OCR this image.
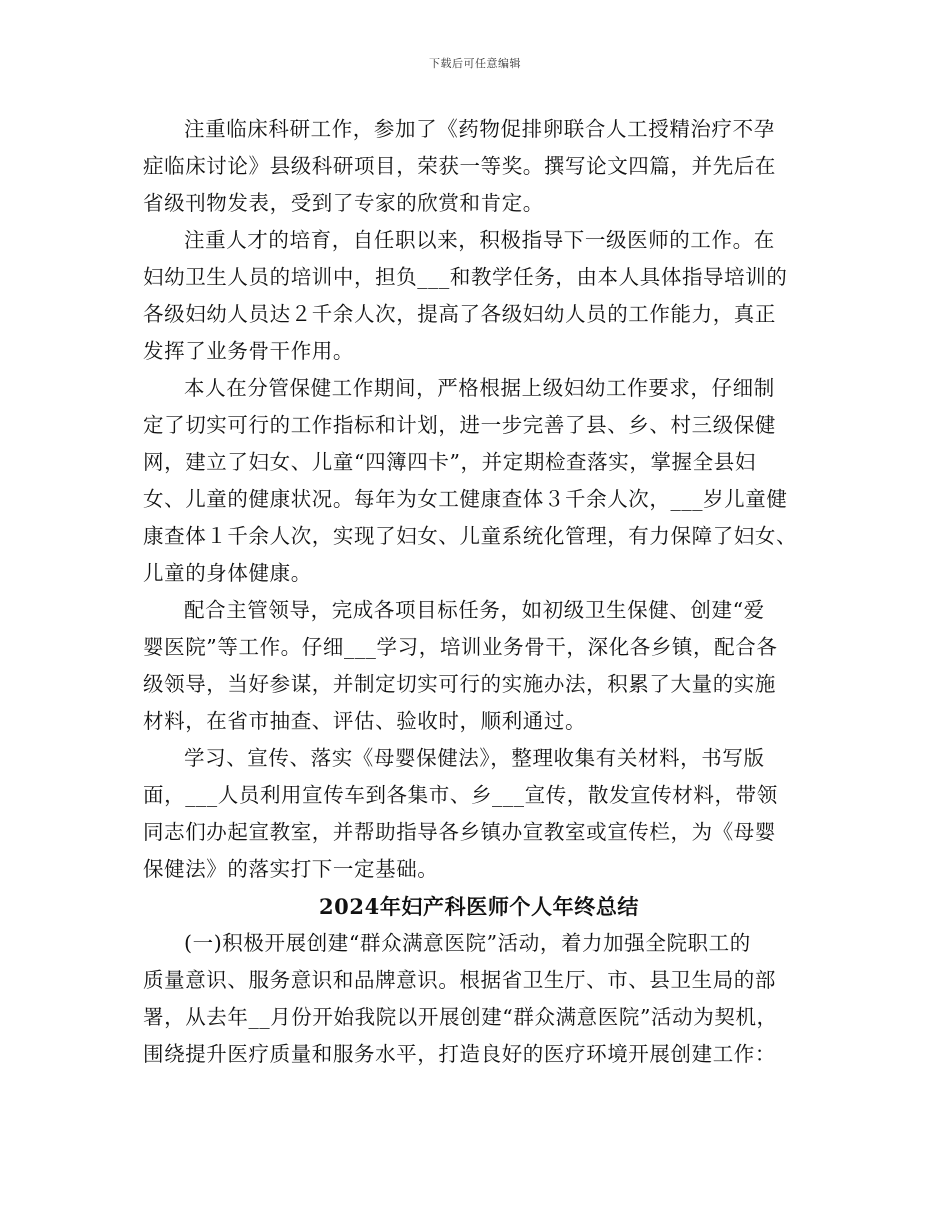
下载后可任意编辑

注重临床科研工作，参加了《药物促排卵联合人工授精治疗不孕
症临床讨论》县级科研项目，荣获一等奖。撰写论文四篇，并先后在
省级刊物发表，受到了专家的欣赏和肯定。

注重人才的培育，自任职以来，积极指导下一级医师的工作。在
妇幼卫生人员的培训中，担负___和教学任务，由本人具体指导培训的
各级妇幼人员达２千余人次，提高了各级妇幼人员的工作能力，真正
发挥了业务骨干作用。

本人在分管保健工作期间，严格根据上级妇幼工作要求，仔细制
定了切实可行的工作指标和计划，进一步完善了县、乡、村三级保健
网，建立了妇女、儿童“四簿四卡”，并定期检查落实，掌握全县妇
女、儿童的健康状况。每年为女工健康查体３千余人次，___岁儿童健
康查体１千余人次，实现了妇女、儿童系统化管理，有力保障了妇女、
儿童的身体健康。

配合主管领导，完成各项目标任务，如初级卫生保健、创建“爱
婴医院”等工作。仔细___学习，培训业务骨干，深化各乡镇，配合各
级领导，当好参谋，并制定切实可行的实施办法，积累了大量的实施
材料，在省市抽查、评估、验收时，顺利通过。

学习、宣传、落实《母婴保健法》，整理收集有关材料，书写版
面，___人员利用宣传车到各集市、乡___宣传，散发宣传材料，带领
同志们办起宣教室，并帮助指导各乡镇办宣教室或宣传栏，为《母婴
保健法》的落实打下一定基础。

2024年妇产科医师个人年终总结

(一)积极开展创建“群众满意医院”活动，着力加强全院职工的
质量意识、服务意识和品牌意识。根据省卫生厅、市、县卫生局的部
署，从去年__月份开始我院以开展创建“群众满意医院”活动为契机，
围绕提升医疗质量和服务水平，打造良好的医疗环境开展创建工作：
